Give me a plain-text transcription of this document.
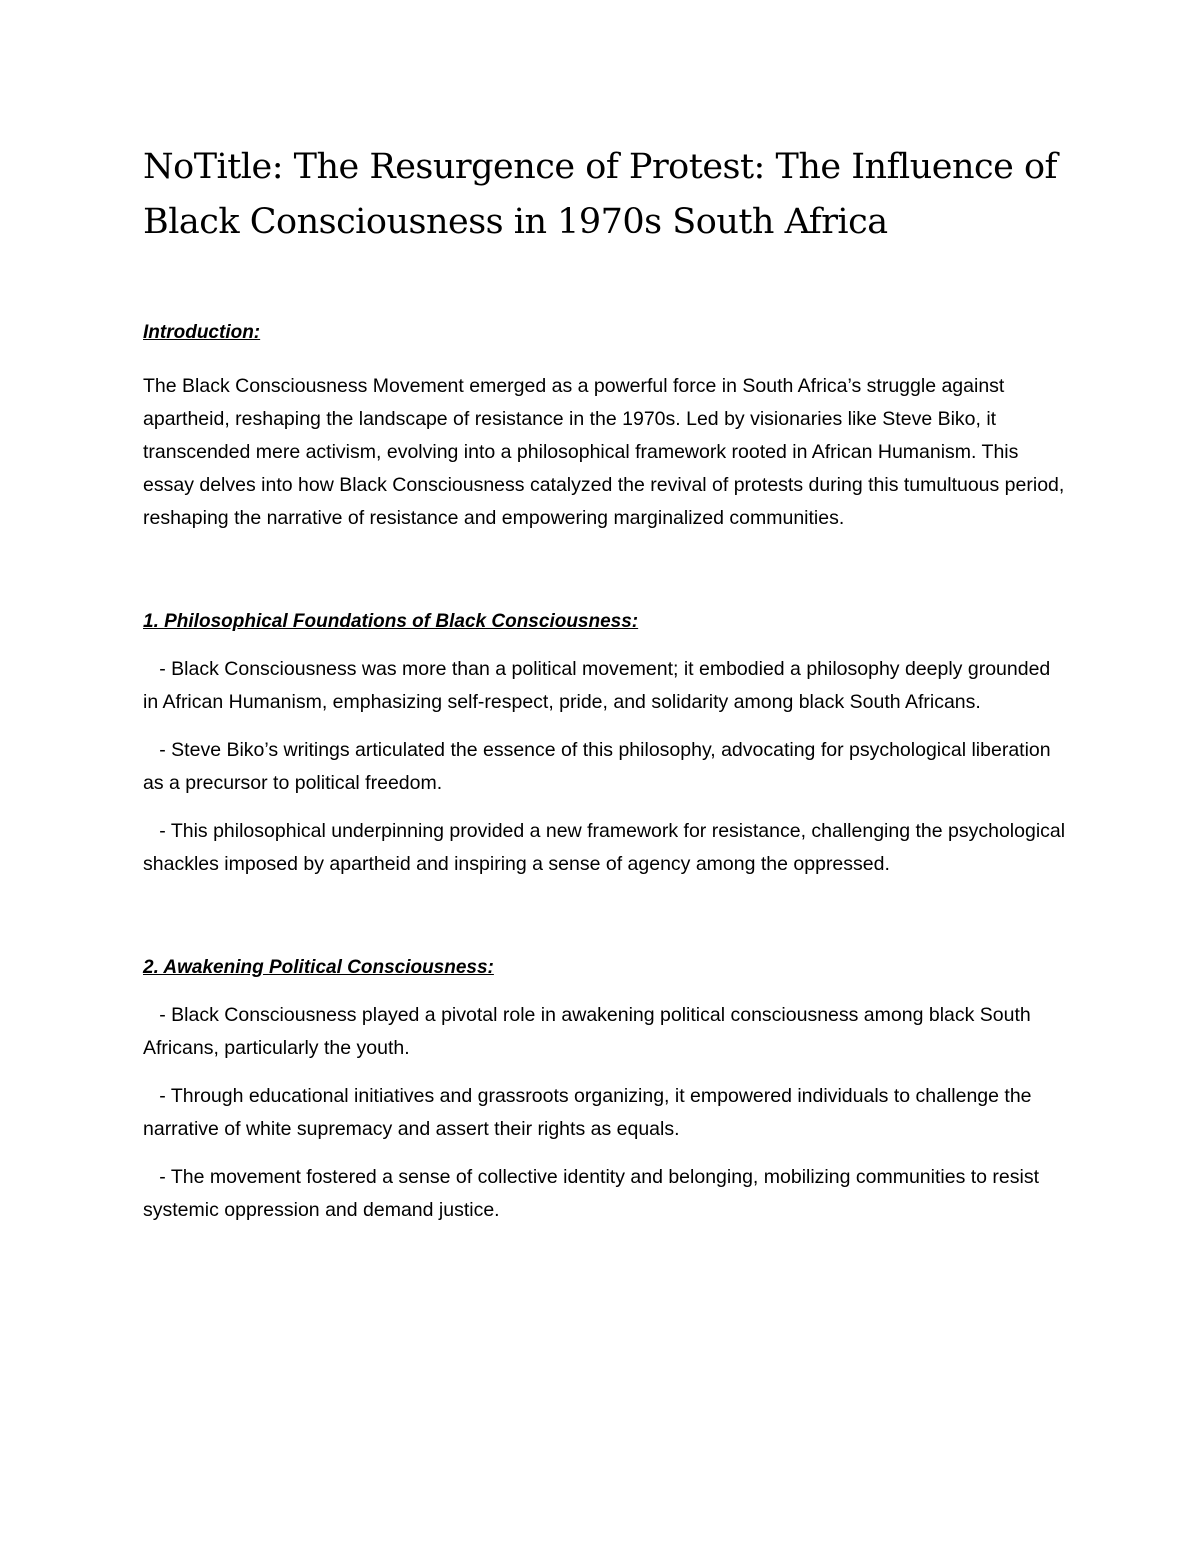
NoTitle: The Resurgence of Protest: The Influence of Black Consciousness in 1970s South Africa

Introduction:

The Black Consciousness Movement emerged as a powerful force in South Africa’s struggle against apartheid, reshaping the landscape of resistance in the 1970s. Led by visionaries like Steve Biko, it transcended mere activism, evolving into a philosophical framework rooted in African Humanism. This essay delves into how Black Consciousness catalyzed the revival of protests during this tumultuous period, reshaping the narrative of resistance and empowering marginalized communities.

1. Philosophical Foundations of Black Consciousness:

- Black Consciousness was more than a political movement; it embodied a philosophy deeply grounded in African Humanism, emphasizing self-respect, pride, and solidarity among black South Africans.

- Steve Biko’s writings articulated the essence of this philosophy, advocating for psychological liberation as a precursor to political freedom.

- This philosophical underpinning provided a new framework for resistance, challenging the psychological shackles imposed by apartheid and inspiring a sense of agency among the oppressed.

2. Awakening Political Consciousness:

- Black Consciousness played a pivotal role in awakening political consciousness among black South Africans, particularly the youth.

- Through educational initiatives and grassroots organizing, it empowered individuals to challenge the narrative of white supremacy and assert their rights as equals.

- The movement fostered a sense of collective identity and belonging, mobilizing communities to resist systemic oppression and demand justice.
